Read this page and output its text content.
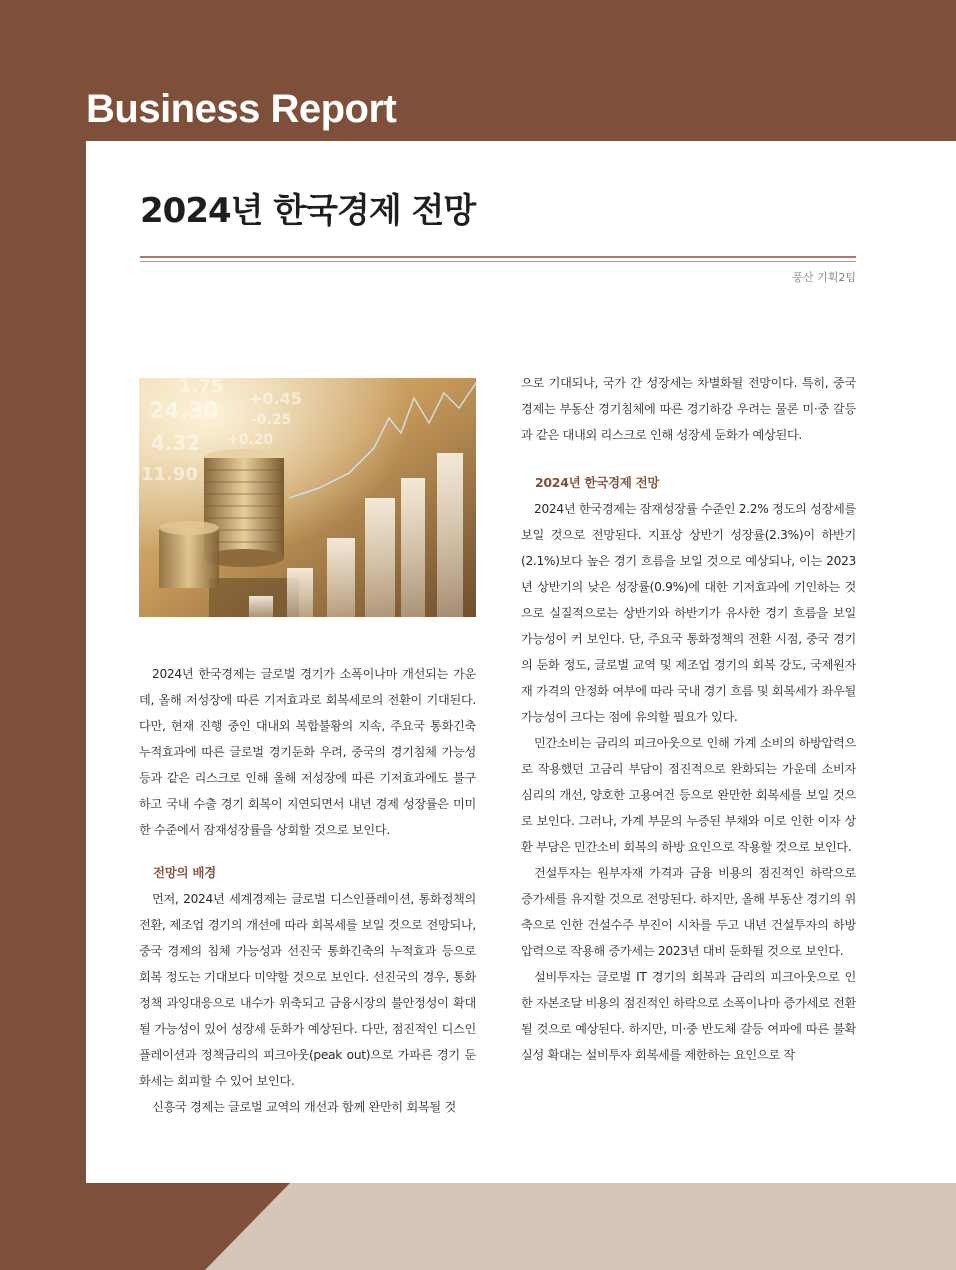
Business Report
2024년 한국경제 전망
풍산 기획2팀
24.30
4.32
11.90
1.75
+0.45
-0.25
+0.20

2024년 한국경제는 글로벌 경기가 소폭이나마 개선되는 가운데, 올해 저성장에 따른 기저효과로 회복세로의 전환이 기대된다. 다만, 현재 진행 중인 대내외 복합불황의 지속, 주요국 통화긴축 누적효과에 따른 글로벌 경기둔화 우려, 중국의 경기침체 가능성 등과 같은 리스크로 인해 올해 저성장에 따른 기저효과에도 불구하고 국내 수출 경기 회복이 지연되면서 내년 경제 성장률은 미미한 수준에서 잠재성장률을 상회할 것으로 보인다.

전망의 배경

먼저, 2024년 세계경제는 글로벌 디스인플레이션, 통화정책의 전환, 제조업 경기의 개선에 따라 회복세를 보일 것으로 전망되나, 중국 경제의 침체 가능성과 선진국 통화긴축의 누적효과 등으로 회복 정도는 기대보다 미약할 것으로 보인다. 선진국의 경우, 통화정책 과잉대응으로 내수가 위축되고 금융시장의 불안정성이 확대될 가능성이 있어 성장세 둔화가 예상된다. 다만, 점진적인 디스인플레이션과 정책금리의 피크아웃(peak out)으로 가파른 경기 둔화세는 회피할 수 있어 보인다.

신흥국 경제는 글로벌 교역의 개선과 함께 완만히 회복될 것

으로 기대되나, 국가 간 성장세는 차별화될 전망이다. 특히, 중국경제는 부동산 경기침체에 따른 경기하강 우려는 물론 미·중 갈등과 같은 대내외 리스크로 인해 성장세 둔화가 예상된다.

2024년 한국경제 전망

2024년 한국경제는 잠재성장률 수준인 2.2% 정도의 성장세를 보일 것으로 전망된다. 지표상 상반기 성장률(2.3%)이 하반기(2.1%)보다 높은 경기 흐름을 보일 것으로 예상되나, 이는 2023년 상반기의 낮은 성장률(0.9%)에 대한 기저효과에 기인하는 것으로 실질적으로는 상반기와 하반기가 유사한 경기 흐름을 보일 가능성이 커 보인다. 단, 주요국 통화정책의 전환 시점, 중국 경기의 둔화 정도, 글로벌 교역 및 제조업 경기의 회복 강도, 국제원자재 가격의 안정화 여부에 따라 국내 경기 흐름 및 회복세가 좌우될 가능성이 크다는 점에 유의할 필요가 있다.

민간소비는 금리의 피크아웃으로 인해 가계 소비의 하방압력으로 작용했던 고금리 부담이 점진적으로 완화되는 가운데 소비자 심리의 개선, 양호한 고용여건 등으로 완만한 회복세를 보일 것으로 보인다. 그러나, 가계 부문의 누증된 부채와 이로 인한 이자 상환 부담은 민간소비 회복의 하방 요인으로 작용할 것으로 보인다.

건설투자는 원부자재 가격과 금융 비용의 점진적인 하락으로 증가세를 유지할 것으로 전망된다. 하지만, 올해 부동산 경기의 위축으로 인한 건설수주 부진이 시차를 두고 내년 건설투자의 하방압력으로 작용해 증가세는 2023년 대비 둔화될 것으로 보인다.

설비투자는 글로벌 IT 경기의 회복과 금리의 피크아웃으로 인한 자본조달 비용의 점진적인 하락으로 소폭이나마 증가세로 전환될 것으로 예상된다. 하지만, 미·중 반도체 갈등 여파에 따른 불확실성 확대는 설비투자 회복세를 제한하는 요인으로 작
